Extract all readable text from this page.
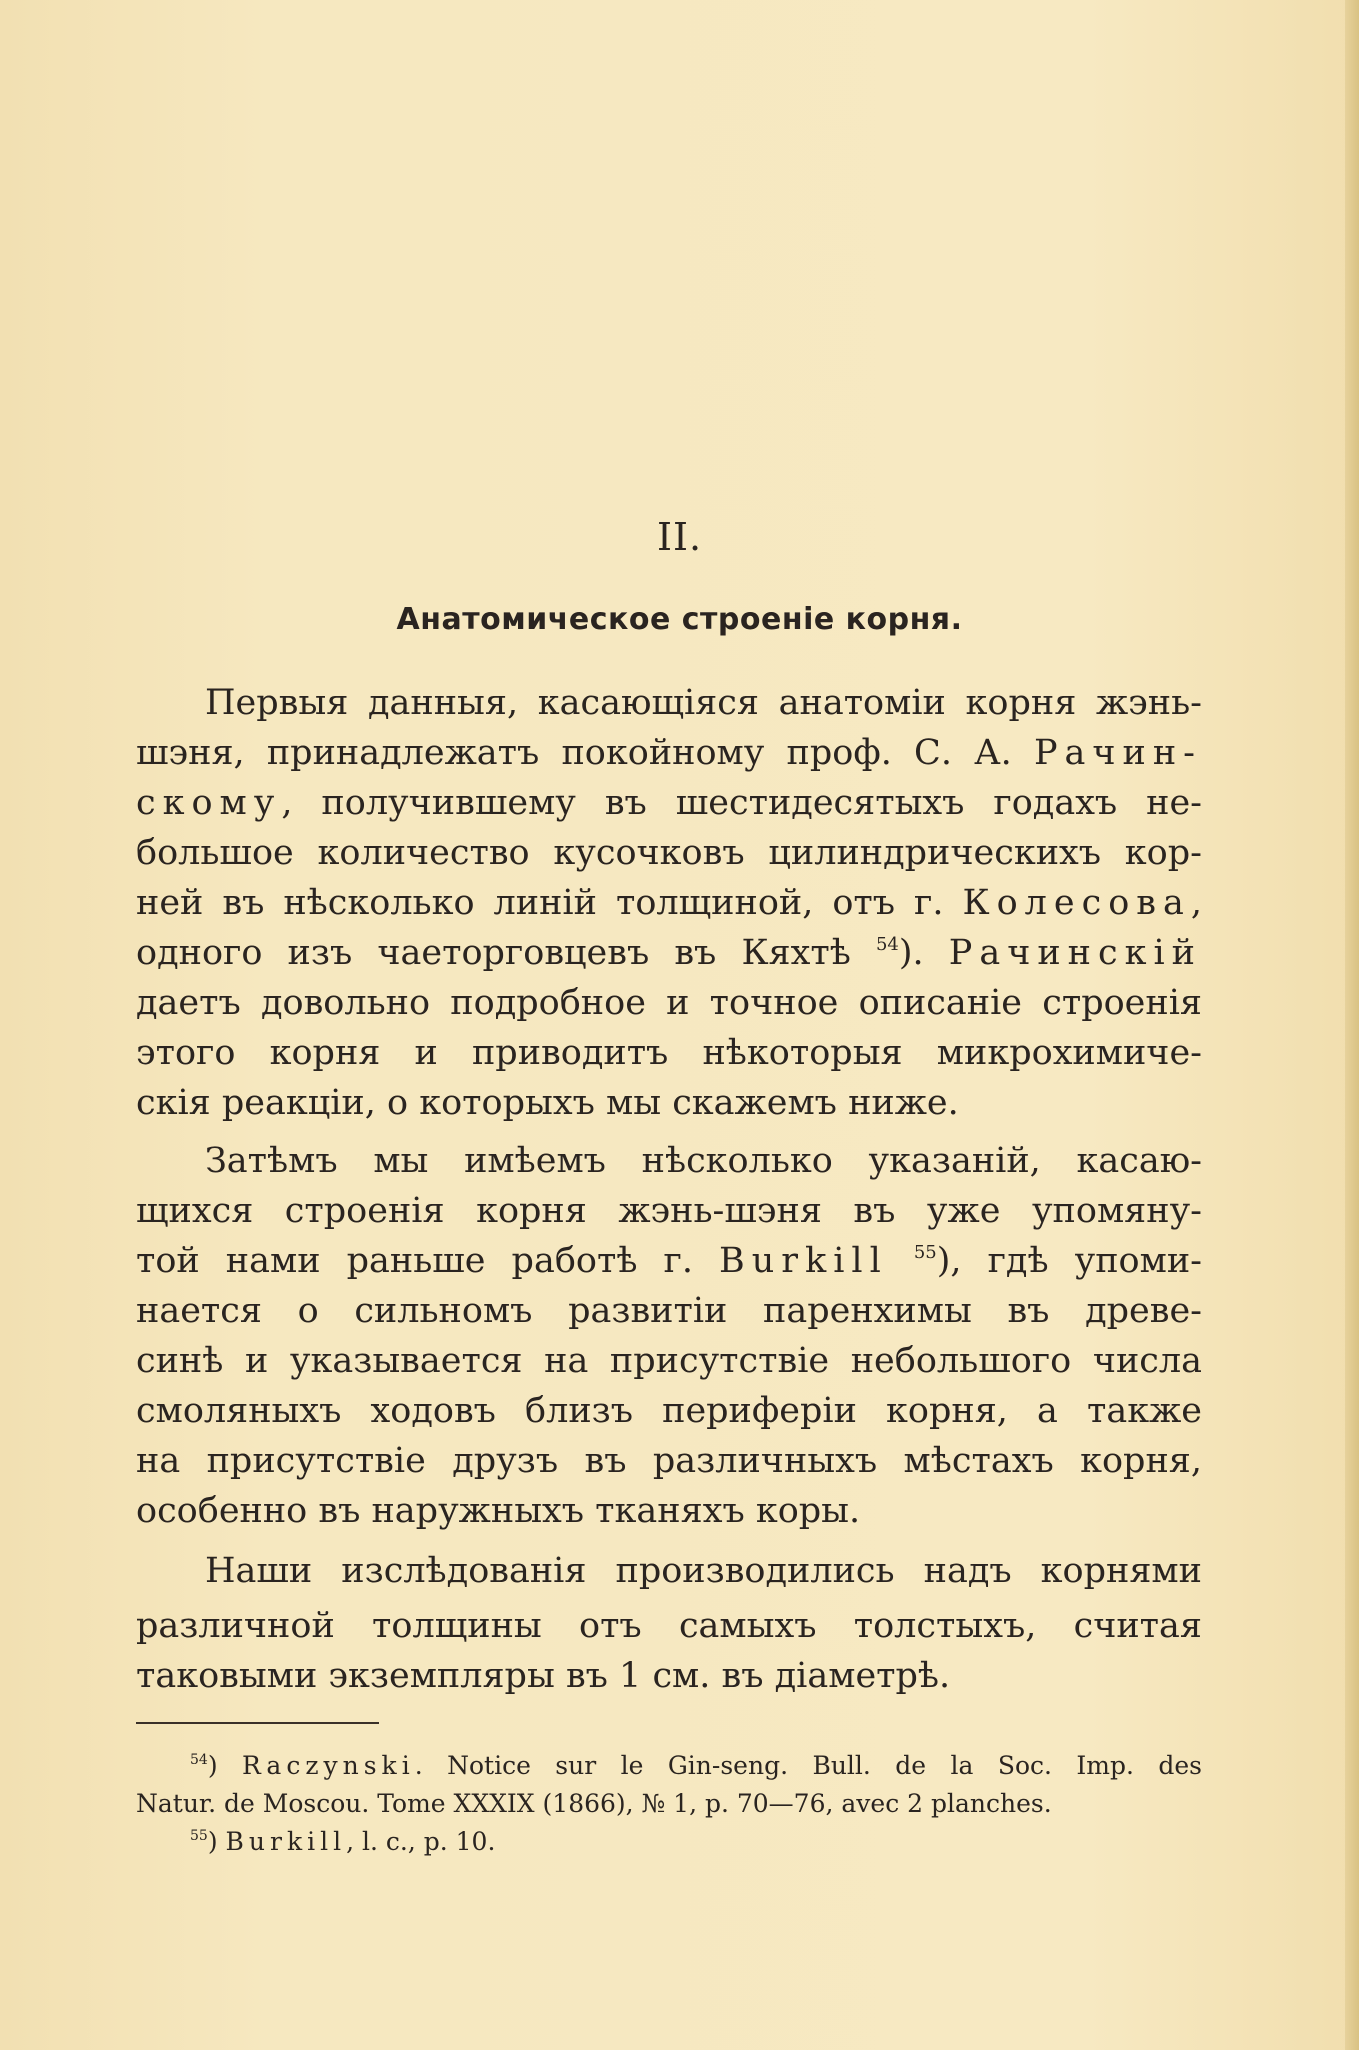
II.
Анатомическое строеніе корня.
Первыя данныя, касающіяся анатоміи корня жэнь-
шэня, принадлежатъ покойному проф. С. А. Рачин-
скому, получившему въ шестидесятыхъ годахъ не-
большое количество кусочковъ цилиндрическихъ кор-
ней въ нѣсколько линій толщиной, отъ г. Колесова,
одного изъ чаеторговцевъ въ Кяхтѣ $^{54}$). Рачинскій
даетъ довольно подробное и точное описаніе строенія
этого корня и приводитъ нѣкоторыя микрохимиче-
скія реакціи, о которыхъ мы скажемъ ниже.
Затѣмъ мы имѣемъ нѣсколько указаній, касаю-
щихся строенія корня жэнь-шэня въ уже упомяну-
той нами раньше работѣ г. Burkill $^{55}$), гдѣ упоми-
нается о сильномъ развитіи паренхимы въ древе-
синѣ и указывается на присутствіе небольшого числа
смоляныхъ ходовъ близъ периферіи корня, а также
на присутствіе друзъ въ различныхъ мѣстахъ корня,
особенно въ наружныхъ тканяхъ коры.
Наши изслѣдованія производились надъ корнями
различной толщины отъ самыхъ толстыхъ, считая
таковыми экземпляры въ 1 см. въ діаметрѣ.
$^{54}$) Raczynski. Notice sur le Gin-seng. Bull. de la Soc. Imp. des
Natur. de Moscou. Tome XXXIX (1866), № 1, p. 70—76, avec 2 planches.
$^{55}$) Burkill, l. c., p. 10.
